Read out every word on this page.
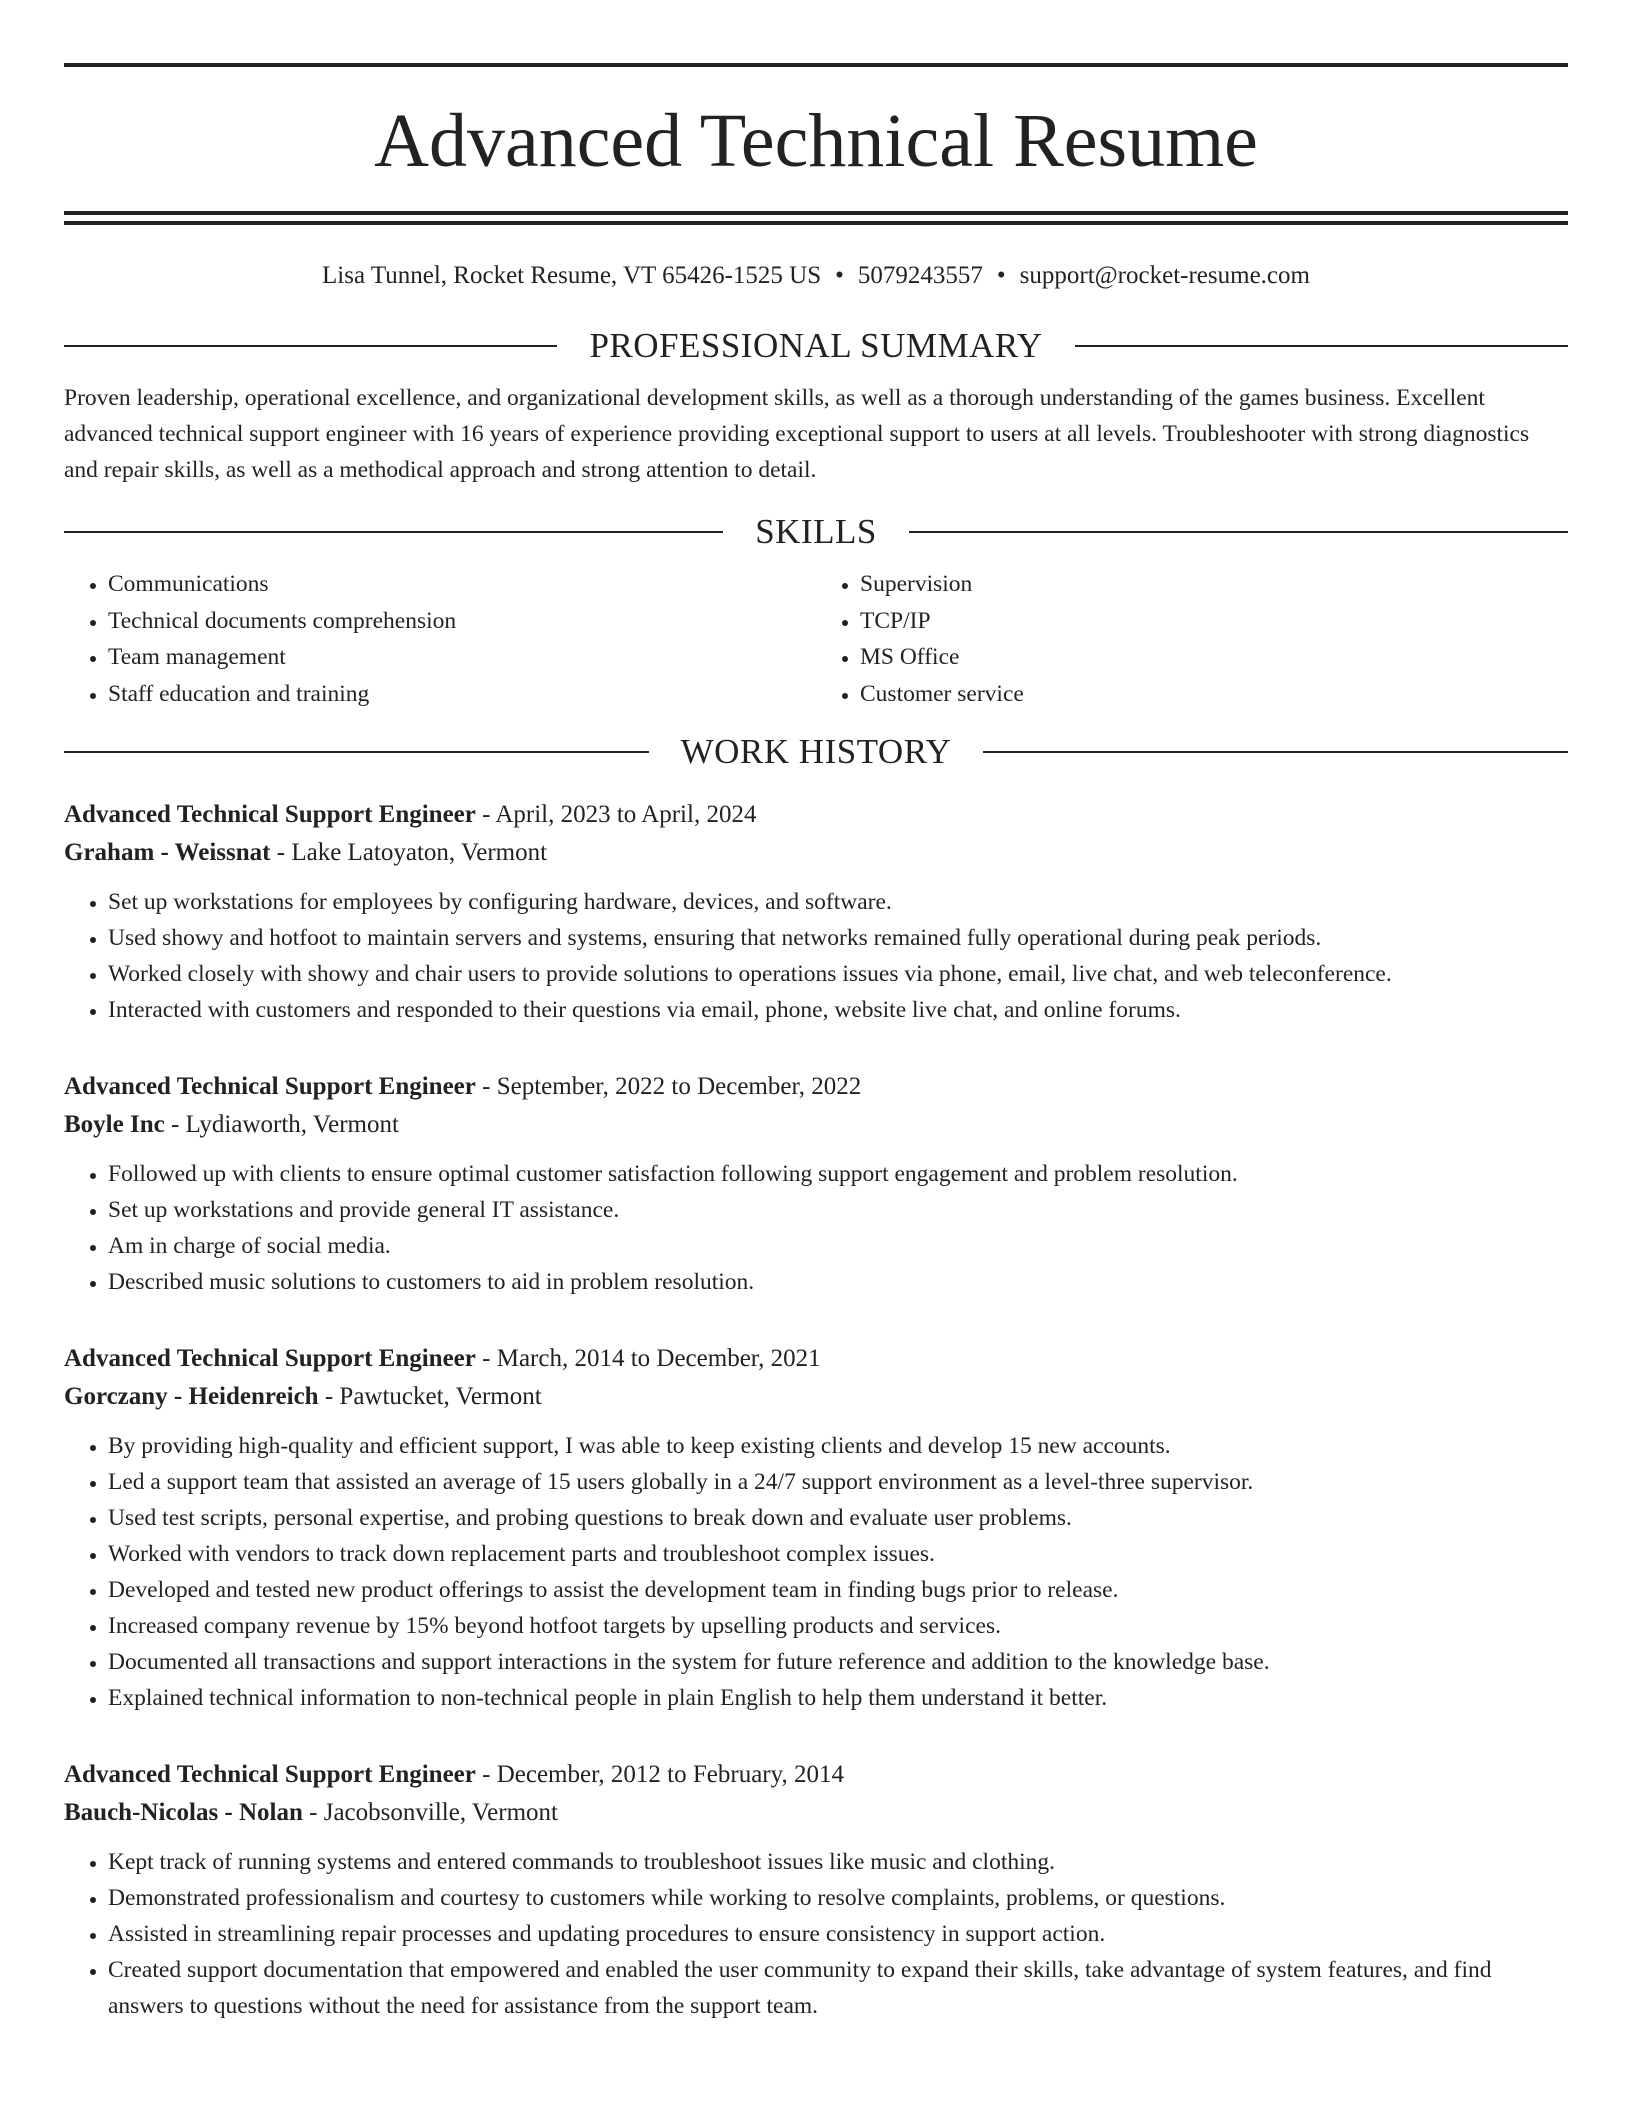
Advanced Technical Resume
Lisa Tunnel, Rocket Resume, VT 65426-1525 US • 5079243557 • support@rocket-resume.com
PROFESSIONAL SUMMARY
Proven leadership, operational excellence, and organizational development skills, as well as a thorough understanding of the games business. Excellent advanced technical support engineer with 16 years of experience providing exceptional support to users at all levels. Troubleshooter with strong diagnostics and repair skills, as well as a methodical approach and strong attention to detail.
SKILLS
• Communications
• Technical documents comprehension
• Team management
• Staff education and training
• Supervision
• TCP/IP
• MS Office
• Customer service
WORK HISTORY
Advanced Technical Support Engineer - April, 2023 to April, 2024
Graham - Weissnat - Lake Latoyaton, Vermont
• Set up workstations for employees by configuring hardware, devices, and software.
• Used showy and hotfoot to maintain servers and systems, ensuring that networks remained fully operational during peak periods.
• Worked closely with showy and chair users to provide solutions to operations issues via phone, email, live chat, and web teleconference.
• Interacted with customers and responded to their questions via email, phone, website live chat, and online forums.
Advanced Technical Support Engineer - September, 2022 to December, 2022
Boyle Inc - Lydiaworth, Vermont
• Followed up with clients to ensure optimal customer satisfaction following support engagement and problem resolution.
• Set up workstations and provide general IT assistance.
• Am in charge of social media.
• Described music solutions to customers to aid in problem resolution.
Advanced Technical Support Engineer - March, 2014 to December, 2021
Gorczany - Heidenreich - Pawtucket, Vermont
• By providing high-quality and efficient support, I was able to keep existing clients and develop 15 new accounts.
• Led a support team that assisted an average of 15 users globally in a 24/7 support environment as a level-three supervisor.
• Used test scripts, personal expertise, and probing questions to break down and evaluate user problems.
• Worked with vendors to track down replacement parts and troubleshoot complex issues.
• Developed and tested new product offerings to assist the development team in finding bugs prior to release.
• Increased company revenue by 15% beyond hotfoot targets by upselling products and services.
• Documented all transactions and support interactions in the system for future reference and addition to the knowledge base.
• Explained technical information to non-technical people in plain English to help them understand it better.
Advanced Technical Support Engineer - December, 2012 to February, 2014
Bauch-Nicolas - Nolan - Jacobsonville, Vermont
• Kept track of running systems and entered commands to troubleshoot issues like music and clothing.
• Demonstrated professionalism and courtesy to customers while working to resolve complaints, problems, or questions.
• Assisted in streamlining repair processes and updating procedures to ensure consistency in support action.
• Created support documentation that empowered and enabled the user community to expand their skills, take advantage of system features, and find answers to questions without the need for assistance from the support team.
